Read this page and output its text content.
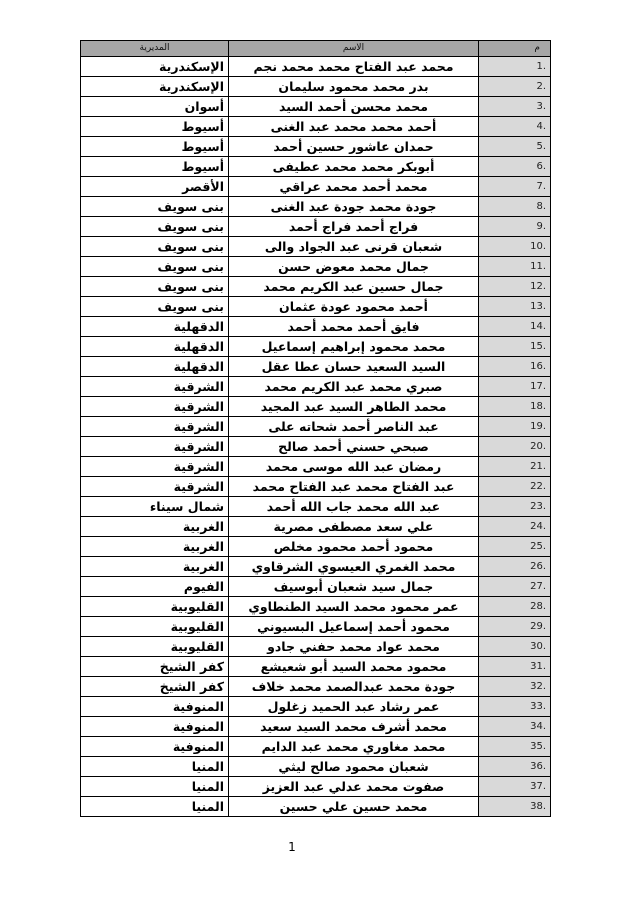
المديرية	الاسم	م
الإسكندرية	محمد عبد الفتاح محمد محمد نجم	1.
الإسكندرية	بدر محمد محمود سليمان	2.
أسوان	محمد محسن أحمد السيد	3.
أسيوط	أحمد محمد محمد عبد الغنى	4.
أسيوط	حمدان عاشور حسين أحمد	5.
أسيوط	أبوبكر محمد محمد عطيفى	6.
الأقصر	محمد أحمد محمد عراقي	7.
بنى سويف	جودة محمد جودة عبد الغنى	8.
بنى سويف	فراج أحمد فراج أحمد	9.
بنى سويف	شعبان قرنى عبد الجواد والى	10.
بنى سويف	جمال محمد معوض حسن	11.
بنى سويف	جمال حسين عبد الكريم محمد	12.
بنى سويف	أحمد محمود عودة عثمان	13.
الدقهلية	فايق أحمد محمد أحمد	14.
الدقهلية	محمد محمود إبراهيم إسماعيل	15.
الدقهلية	السيد السعيد حسان عطا عقل	16.
الشرقية	صبري محمد عبد الكريم محمد	17.
الشرقية	محمد الطاهر السيد عبد المجيد	18.
الشرقية	عبد الناصر أحمد شحاته على	19.
الشرقية	صبحي حسني أحمد صالح	20.
الشرقية	رمضان عبد الله موسى محمد	21.
الشرقية	عبد الفتاح محمد عبد الفتاح محمد	22.
شمال سيناء	عبد الله محمد جاب الله أحمد	23.
الغربية	علي سعد مصطفى مصرية	24.
الغربية	محمود أحمد محمود مخلص	25.
الغربية	محمد الغمري العيسوي الشرقاوي	26.
الفيوم	جمال سيد شعبان أبوسيف	27.
القليوبية	عمر محمود محمد السيد الطنطاوي	28.
القليوبية	محمود أحمد إسماعيل البسيوني	29.
القليوبية	محمد عواد محمد حفني جادو	30.
كفر الشيخ	محمود محمد السيد أبو شعيشع	31.
كفر الشيخ	جودة محمد عبدالصمد محمد خلاف	32.
المنوفية	عمر رشاد عبد الحميد زغلول	33.
المنوفية	محمد أشرف محمد السيد سعيد	34.
المنوفية	محمد مغاوري محمد عبد الدايم	35.
المنيا	شعبان محمود صالح ليثي	36.
المنيا	صفوت محمد عدلي عبد العزيز	37.
المنيا	محمد حسين علي حسين	38.
1
